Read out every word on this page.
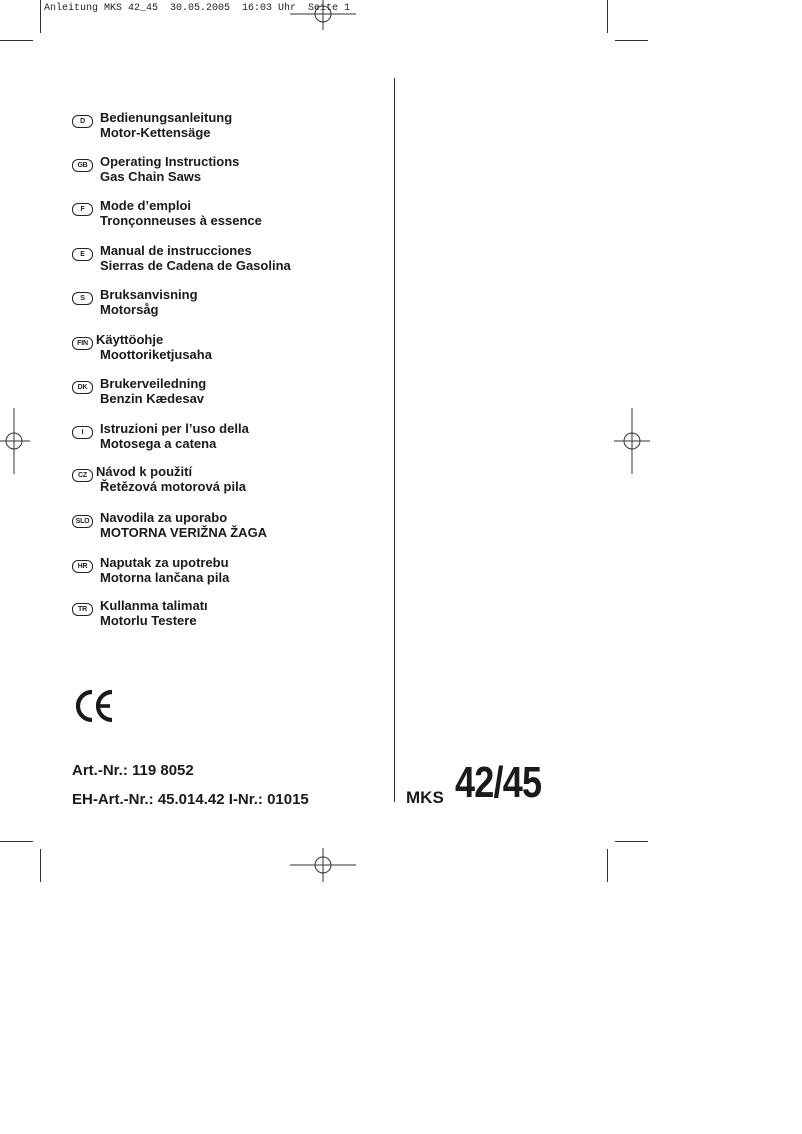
Anleitung MKS 42_45  30.05.2005  16:03 Uhr  Seite 1
D	Bedienungsanleitung
Motor-Kettensäge
GB Operating Instructions
Gas Chain Saws
F	Mode d’emploi
Tronçonneuses à essence
E	Manual de instrucciones
Sierras de Cadena de Gasolina
S	Bruksanvisning
Motorsåg
FIN Käyttöohje
Moottoriketjusaha
DK Brukerveiledning
Benzin Kædesav
I	Istruzioni per l’uso della
Motosega a catena
CZ Návod k použití
Řetězová motorová pila
SLO Navodila za uporabo
MOTORNA VERIŽNA ŽAGA
HR Naputak za upotrebu
Motorna lančana pila
TR	Kullanma talimatı
Motorlu Testere
Art.-Nr.: 119 8052
EH-Art.-Nr.: 45.014.42 I-Nr.: 01015	MKS 42/45
